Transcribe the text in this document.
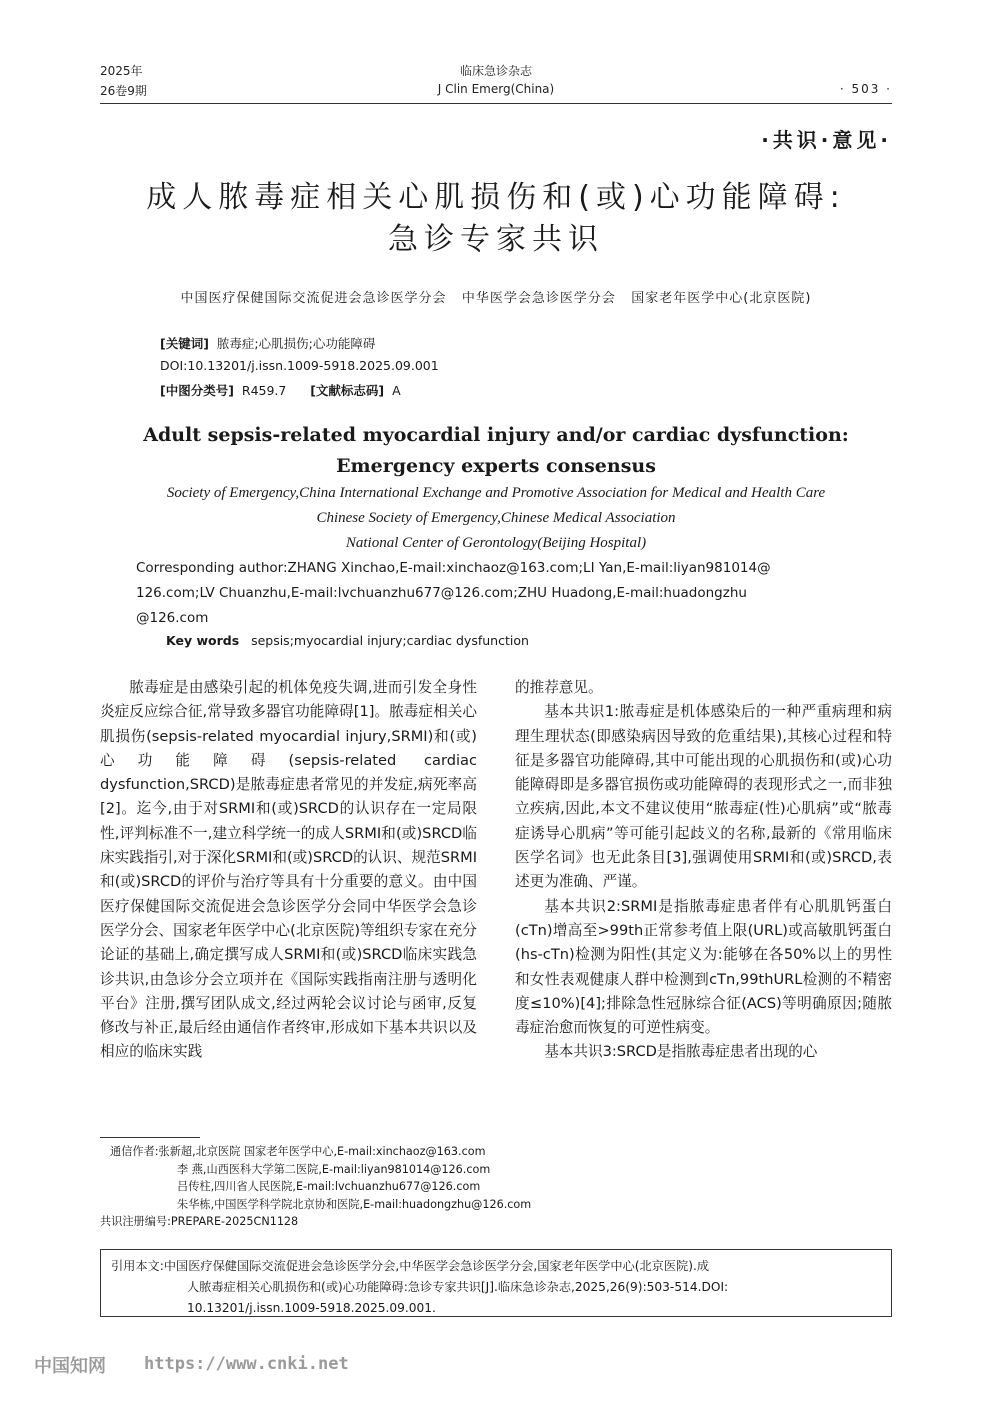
2025年
26卷9期
临床急诊杂志
J Clin Emerg(China)	· 503 ·
·共识·意见·
成人脓毒症相关心肌损伤和(或)心功能障碍:
急诊专家共识
中国医疗保健国际交流促进会急诊医学分会   中华医学会急诊医学分会   国家老年医学中心(北京医院)
[关键词] 脓毒症;心肌损伤;心功能障碍
DOI:10.13201/j.issn.1009-5918.2025.09.001
[中图分类号] R459.7 [文献标志码] A
Adult sepsis-related myocardial injury and/or cardiac dysfunction:
Emergency experts consensus
Society of Emergency,China International Exchange and Promotive Association for Medical and Health Care
Chinese Society of Emergency,Chinese Medical Association
National Center of Gerontology(Beijing Hospital)
Corresponding author:ZHANG Xinchao,E-mail:xinchaoz@163.com;LI Yan,E-mail:liyan981014@
126.com;LV Chuanzhu,E-mail:lvchuanzhu677@126.com;ZHU Huadong,E-mail:huadongzhu
@126.com
Key words sepsis;myocardial injury;cardiac dysfunction

脓毒症是由感染引起的机体免疫失调,进而引发全身性炎症反应综合征,常导致多器官功能障碍[1]。脓毒症相关心肌损伤(sepsis-related myocardial injury,SRMI)和(或)心功能障碍(sepsis-related cardiac dysfunction,SRCD)是脓毒症患者常见的并发症,病死率高[2]。迄今,由于对SRMI和(或)SRCD的认识存在一定局限性,评判标准不一,建立科学统一的成人SRMI和(或)SRCD临床实践指引,对于深化SRMI和(或)SRCD的认识、规范SRMI和(或)SRCD的评价与治疗等具有十分重要的意义。由中国医疗保健国际交流促进会急诊医学分会同中华医学会急诊医学分会、国家老年医学中心(北京医院)等组织专家在充分论证的基础上,确定撰写成人SRMI和(或)SRCD临床实践急诊共识,由急诊分会立项并在《国际实践指南注册与透明化平台》注册,撰写团队成文,经过两轮会议讨论与函审,反复修改与补正,最后经由通信作者终审,形成如下基本共识以及相应的临床实践

的推荐意见。

基本共识1:脓毒症是机体感染后的一种严重病理和病理生理状态(即感染病因导致的危重结果),其核心过程和特征是多器官功能障碍,其中可能出现的心肌损伤和(或)心功能障碍即是多器官损伤或功能障碍的表现形式之一,而非独立疾病,因此,本文不建议使用“脓毒症(性)心肌病”或“脓毒症诱导心肌病”等可能引起歧义的名称,最新的《常用临床医学名词》也无此条目[3],强调使用SRMI和(或)SRCD,表述更为准确、严谨。

基本共识2:SRMI是指脓毒症患者伴有心肌肌钙蛋白(cTn)增高至>99th正常参考值上限(URL)或高敏肌钙蛋白(hs-cTn)检测为阳性(其定义为:能够在各50%以上的男性和女性表观健康人群中检测到cTn,99thURL检测的不精密度≤10%)[4];排除急性冠脉综合征(ACS)等明确原因;随脓毒症治愈而恢复的可逆性病变。

基本共识3:SRCD是指脓毒症患者出现的心

通信作者:张新超,北京医院 国家老年医学中心,E-mail:xinchaoz@163.com
李 燕,山西医科大学第二医院,E-mail:liyan981014@126.com
吕传柱,四川省人民医院,E-mail:lvchuanzhu677@126.com
朱华栋,中国医学科学院北京协和医院,E-mail:huadongzhu@126.com
共识注册编号:PREPARE-2025CN1128
引用本文:中国医疗保健国际交流促进会急诊医学分会,中华医学会急诊医学分会,国家老年医学中心(北京医院).成
人脓毒症相关心肌损伤和(或)心功能障碍:急诊专家共识[J].临床急诊杂志,2025,26(9):503-514.DOI:
10.13201/j.issn.1009-5918.2025.09.001.
中国知网 https://www.cnki.net
